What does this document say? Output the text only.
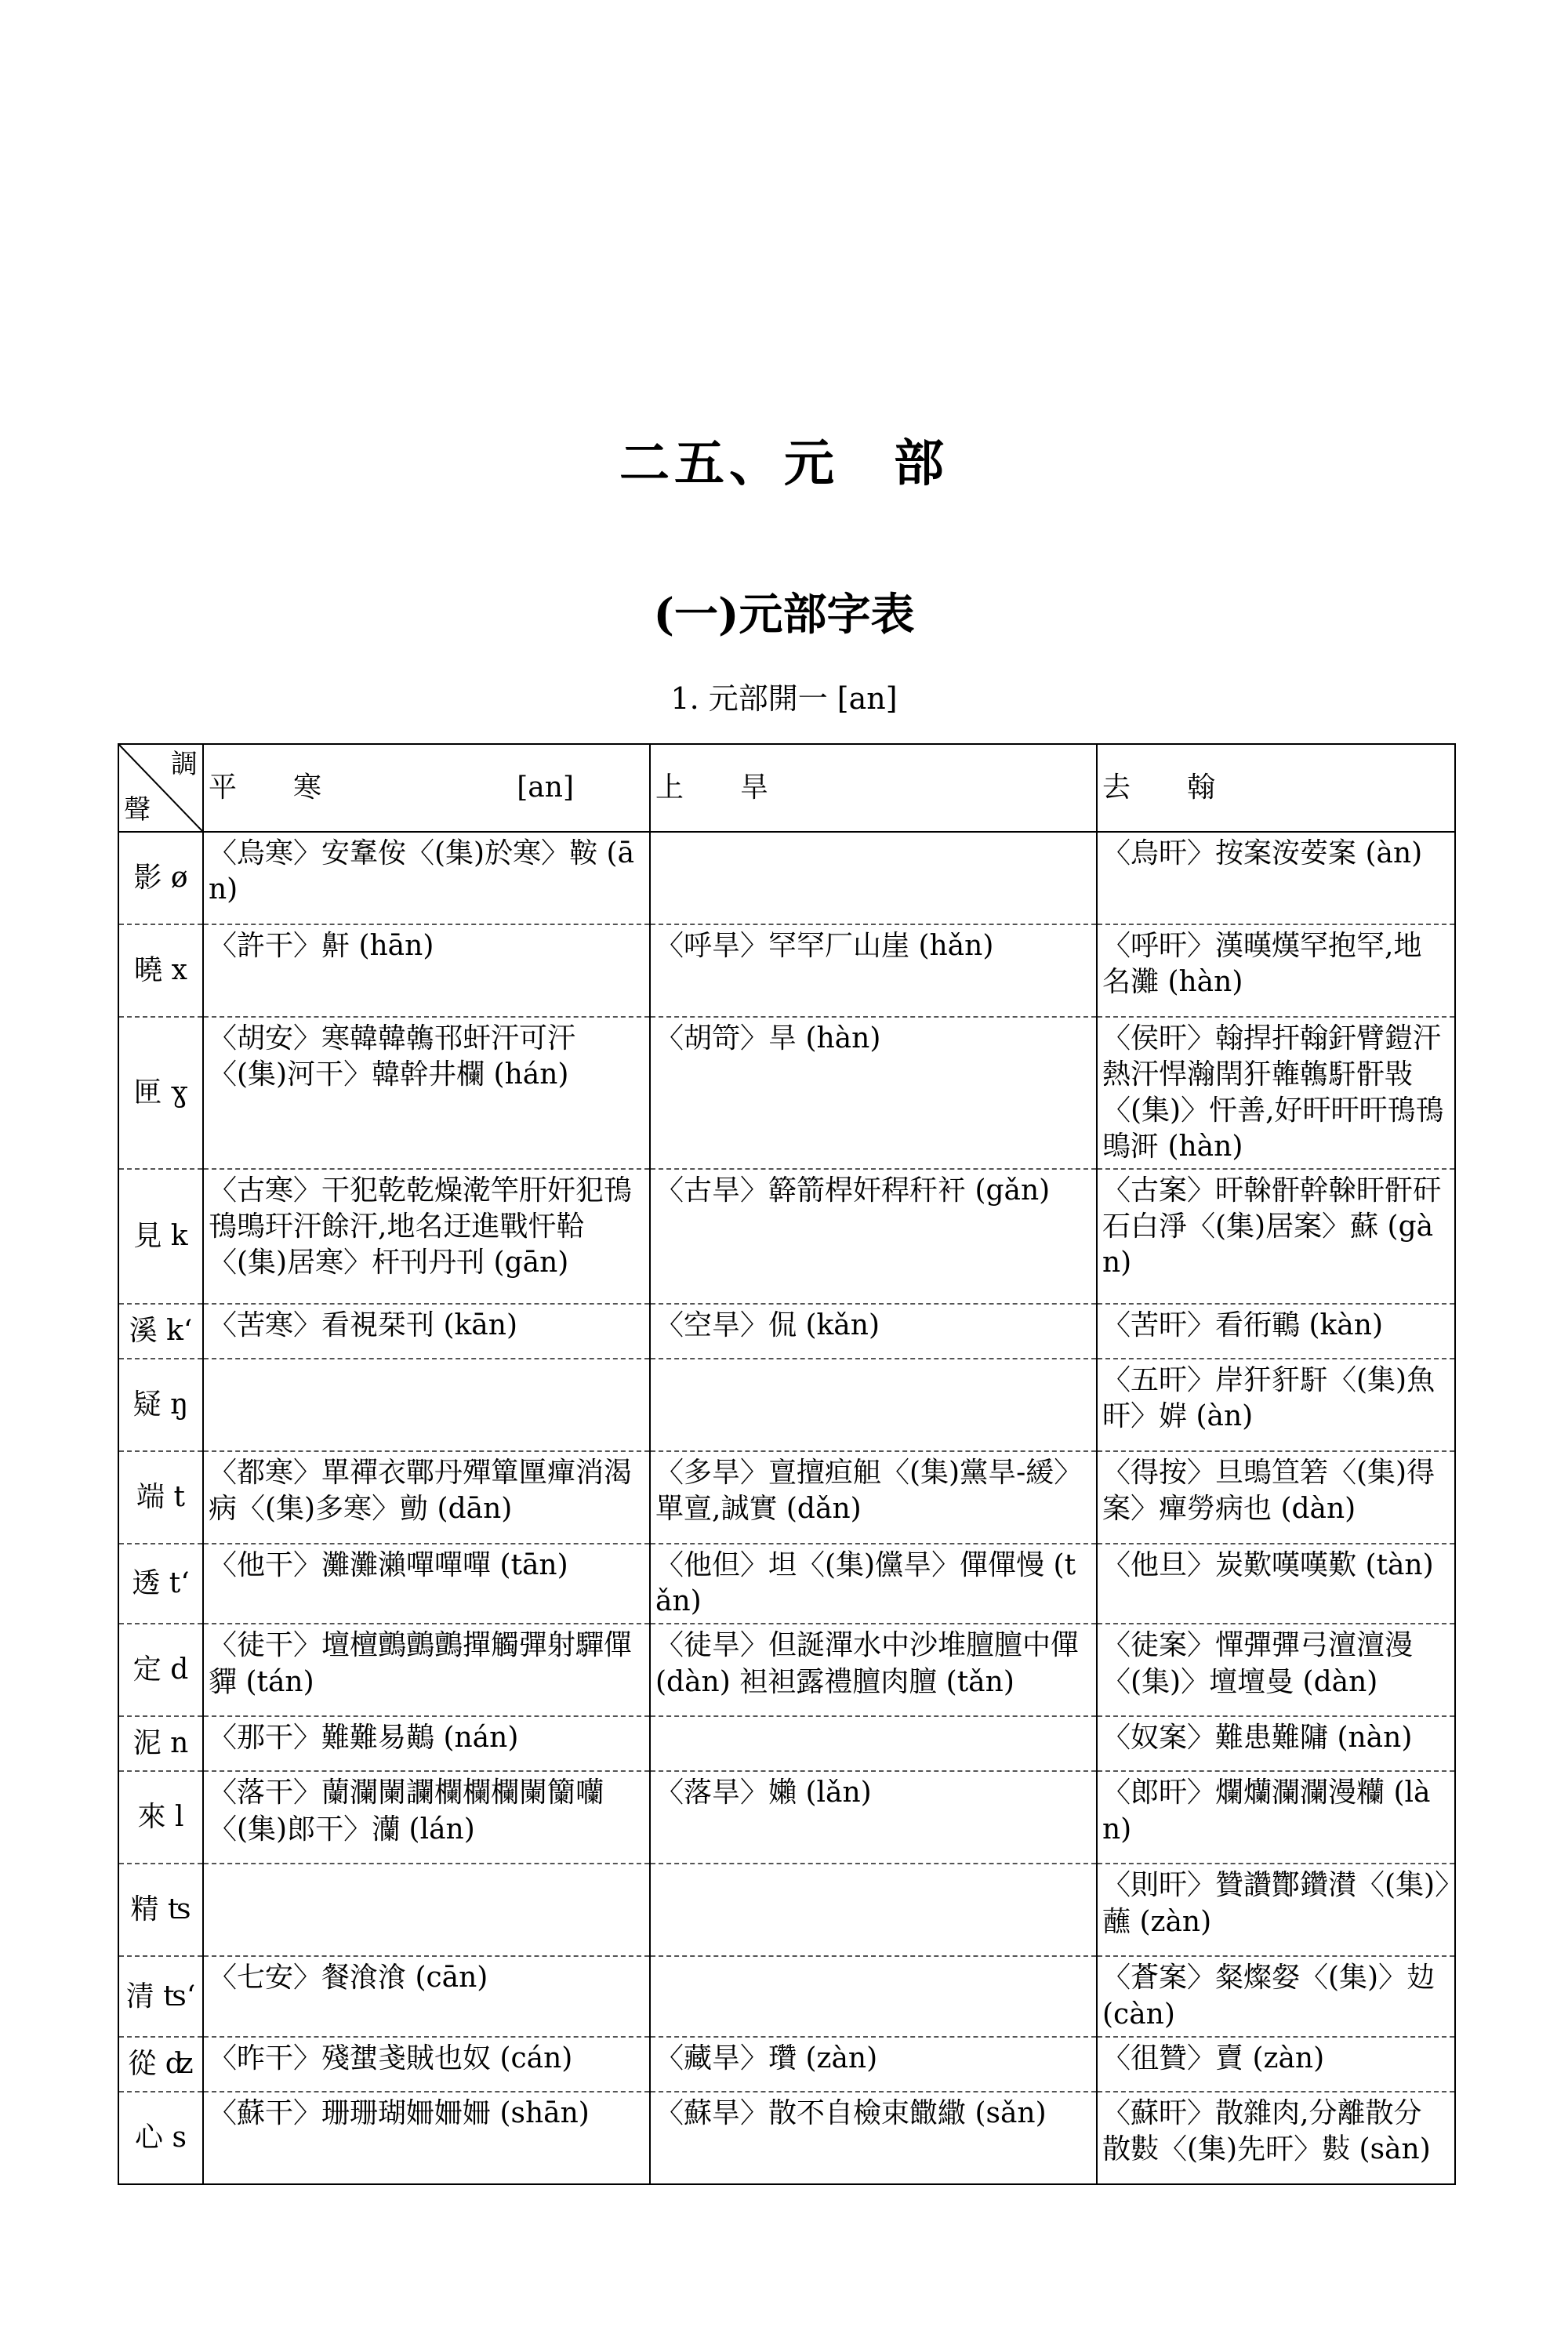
二五、元　部
(一)元部字表
1. 元部開一 [an]
調
聲	平　　寒 [an]	上　　旱	去　　翰
影 ø	〈烏寒〉安鞌侒〈(集)於寒〉鞍 (ān)		〈烏旰〉按案洝荌案 (àn)
曉 x	〈許干〉鼾 (hān)	〈呼旱〉罕罕厂山崖 (hǎn)	〈呼旰〉漢暵熯罕抱罕,地名灘 (hàn)
匣 ɣ	〈胡安〉寒韓韓鶾邗虷汗可汗〈(集)河干〉韓幹井欄 (hán)	〈胡笴〉旱 (hàn)	〈侯旰〉翰捍扞翰釬臂鎧汗熱汗悍瀚閈犴雗鶾馯骭㪋〈(集)〉忓善,好旰旰旰鳱鳱鴠涆 (hàn)
見 k	〈古寒〉干犯乾乾燥漧竿肝奸犯鳱鳱鴠玕汗餘汗,地名迂進戰忓鞈〈(集)居寒〉杆刊丹刊 (gān)	〈古旱〉簳箭桿奸稈秆衦 (gǎn)	〈古案〉旰榦骭幹榦盰骭矸石白淨〈(集)居案〉蘇 (gàn)
溪 k‘	〈苦寒〉看視栞刊 (kān)	〈空旱〉侃 (kǎn)	〈苦旰〉看衎鶤 (kàn)
疑 ŋ			〈五旰〉岸犴豻馯〈(集)魚旰〉婩 (àn)
端 t	〈都寒〉單禪衣鄲丹殫簞匰癉消渴病〈(集)多寒〉勯 (dān)	〈多旱〉亶擅疸觛〈(集)黨旱-緩〉單亶,誠實 (dǎn)	〈得按〉旦鴠笪箬〈(集)得案〉癉勞病也 (dàn)
透 t‘	〈他干〉灘灘瀨嘽嘽嘽 (tān)	〈他但〉坦〈(集)儻旱〉僤僤慢 (tǎn)	〈他旦〉炭歎嘆嘆歎 (tàn)
定 d	〈徒干〉壇檀鸇鸇鸇撣觸彈射驒僤貚 (tán)	〈徒旱〉但誕潬水中沙堆膻膻中僤 (dàn) 袒袒露禮膻肉膻 (tǎn)	〈徒案〉憚彈彈弓澶澶漫〈(集)〉壇壇曼 (dàn)
泥 n	〈那干〉難難易鷬 (nán)		〈奴案〉難患難䧡 (nàn)
來 l	〈落干〉蘭瀾闌讕欄欄欄闌籣囒〈(集)郎干〉灡 (lán)	〈落旱〉嬾 (lǎn)	〈郎旰〉爛爤瀾瀾漫糷 (làn)
精 ʦ			〈則旰〉贊讚酇鑽濽〈(集)〉蘸 (zàn)
清 ʦ‘	〈七安〉餐湌湌 (cān)		〈蒼案〉粲燦㛑〈(集)〉攰 (càn)
從 ʣ	〈昨干〉殘䗝戔賊也奴 (cán)	〈藏旱〉瓚 (zàn)	〈徂贊〉𧶠 (zàn)
心 s	〈蘇干〉珊珊瑚姍姍姍 (shān)	〈蘇旱〉散不自檢束饊繖 (sǎn)	〈蘇旰〉散雜肉,分離散分散𢿘〈(集)先旰〉𢿘 (sàn)
